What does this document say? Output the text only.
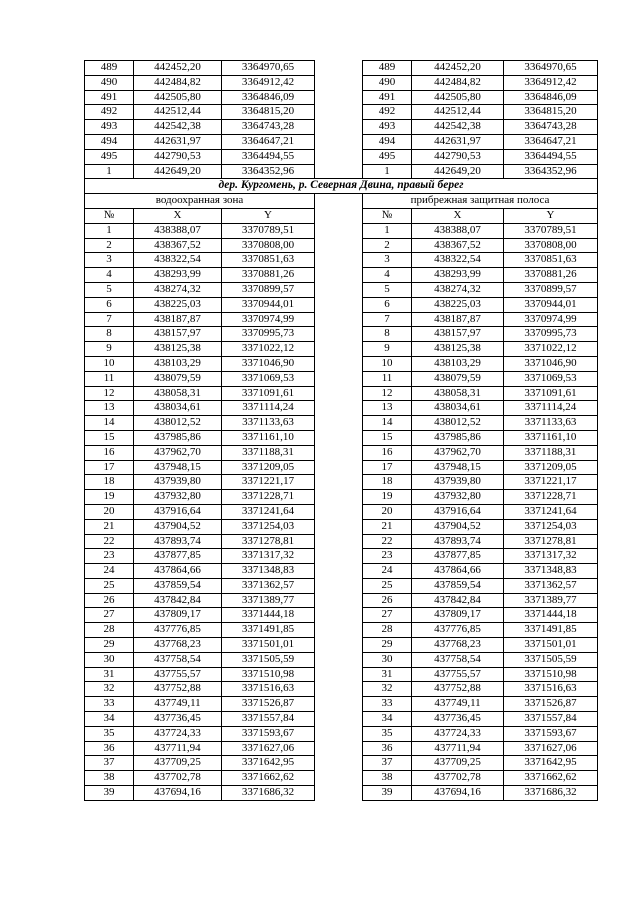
489	442452,20	3364970,65		489	442452,20	3364970,65
490	442484,82	3364912,42		490	442484,82	3364912,42
491	442505,80	3364846,09		491	442505,80	3364846,09
492	442512,44	3364815,20		492	442512,44	3364815,20
493	442542,38	3364743,28		493	442542,38	3364743,28
494	442631,97	3364647,21		494	442631,97	3364647,21
495	442790,53	3364494,55		495	442790,53	3364494,55
1	442649,20	3364352,96		1	442649,20	3364352,96
дер. Кургомень, р. Северная Двина, правый берег						
водоохранная зона				прибрежная защитная полоса		
№	X	Y		№	X	Y
1	438388,07	3370789,51		1	438388,07	3370789,51
2	438367,52	3370808,00		2	438367,52	3370808,00
3	438322,54	3370851,63		3	438322,54	3370851,63
4	438293,99	3370881,26		4	438293,99	3370881,26
5	438274,32	3370899,57		5	438274,32	3370899,57
6	438225,03	3370944,01		6	438225,03	3370944,01
7	438187,87	3370974,99		7	438187,87	3370974,99
8	438157,97	3370995,73		8	438157,97	3370995,73
9	438125,38	3371022,12		9	438125,38	3371022,12
10	438103,29	3371046,90		10	438103,29	3371046,90
11	438079,59	3371069,53		11	438079,59	3371069,53
12	438058,31	3371091,61		12	438058,31	3371091,61
13	438034,61	3371114,24		13	438034,61	3371114,24
14	438012,52	3371133,63		14	438012,52	3371133,63
15	437985,86	3371161,10		15	437985,86	3371161,10
16	437962,70	3371188,31		16	437962,70	3371188,31
17	437948,15	3371209,05		17	437948,15	3371209,05
18	437939,80	3371221,17		18	437939,80	3371221,17
19	437932,80	3371228,71		19	437932,80	3371228,71
20	437916,64	3371241,64		20	437916,64	3371241,64
21	437904,52	3371254,03		21	437904,52	3371254,03
22	437893,74	3371278,81		22	437893,74	3371278,81
23	437877,85	3371317,32		23	437877,85	3371317,32
24	437864,66	3371348,83		24	437864,66	3371348,83
25	437859,54	3371362,57		25	437859,54	3371362,57
26	437842,84	3371389,77		26	437842,84	3371389,77
27	437809,17	3371444,18		27	437809,17	3371444,18
28	437776,85	3371491,85		28	437776,85	3371491,85
29	437768,23	3371501,01		29	437768,23	3371501,01
30	437758,54	3371505,59		30	437758,54	3371505,59
31	437755,57	3371510,98		31	437755,57	3371510,98
32	437752,88	3371516,63		32	437752,88	3371516,63
33	437749,11	3371526,87		33	437749,11	3371526,87
34	437736,45	3371557,84		34	437736,45	3371557,84
35	437724,33	3371593,67		35	437724,33	3371593,67
36	437711,94	3371627,06		36	437711,94	3371627,06
37	437709,25	3371642,95		37	437709,25	3371642,95
38	437702,78	3371662,62		38	437702,78	3371662,62
39	437694,16	3371686,32		39	437694,16	3371686,32
